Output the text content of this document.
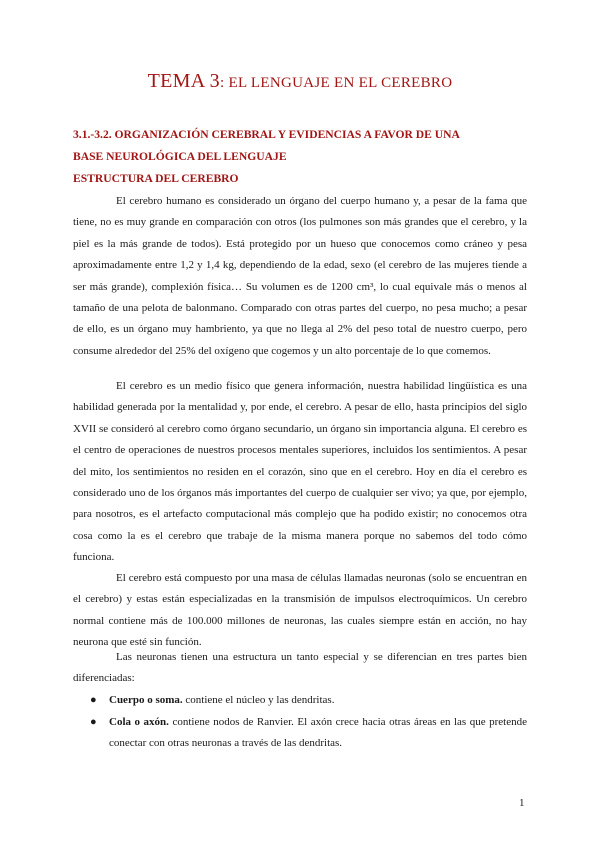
TEMA 3: EL LENGUAJE EN EL CEREBRO
3.1.-3.2. ORGANIZACIÓN CEREBRAL Y EVIDENCIAS A FAVOR DE UNA
BASE NEUROLÓGICA DEL LENGUAJE
ESTRUCTURA DEL CEREBRO

El cerebro humano es considerado un órgano del cuerpo humano y, a pesar de la fama que tiene, no es muy grande en comparación con otros (los pulmones son más grandes que el cerebro, y la piel es la más grande de todos). Está protegido por un hueso que conocemos como cráneo y pesa aproximadamente entre 1,2 y 1,4 kg, dependiendo de la edad, sexo (el cerebro de las mujeres tiende a ser más grande), complexión física… Su volumen es de 1200 cm³, lo cual equivale más o menos al tamaño de una pelota de balonmano. Comparado con otras partes del cuerpo, no pesa mucho; a pesar de ello, es un órgano muy hambriento, ya que no llega al 2% del peso total de nuestro cuerpo, pero consume alrededor del 25% del oxígeno que cogemos y un alto porcentaje de lo que comemos.

El cerebro es un medio físico que genera información, nuestra habilidad lingüística es una habilidad generada por la mentalidad y, por ende, el cerebro. A pesar de ello, hasta principios del siglo XVII se consideró al cerebro como órgano secundario, un órgano sin importancia alguna. El cerebro es el centro de operaciones de nuestros procesos mentales superiores, incluidos los sentimientos. A pesar del mito, los sentimientos no residen en el corazón, sino que en el cerebro. Hoy en día el cerebro es considerado uno de los órganos más importantes del cuerpo de cualquier ser vivo; ya que, por ejemplo, para nosotros, es el artefacto computacional más complejo que ha podido existir; no conocemos otra cosa como la es el cerebro que trabaje de la misma manera porque no sabemos del todo cómo funciona.

El cerebro está compuesto por una masa de células llamadas neuronas (solo se encuentran en el cerebro) y estas están especializadas en la transmisión de impulsos electroquímicos. Un cerebro normal contiene más de 100.000 millones de neuronas, las cuales siempre están en acción, no hay neurona que esté sin función.

Las neuronas tienen una estructura un tanto especial y se diferencian en tres partes bien diferenciadas:

● Cuerpo o soma. contiene el núcleo y las dendritas.
● Cola o axón. contiene nodos de Ranvier. El axón crece hacia otras áreas en las que pretende conectar con otras neuronas a través de las dendritas.
1
